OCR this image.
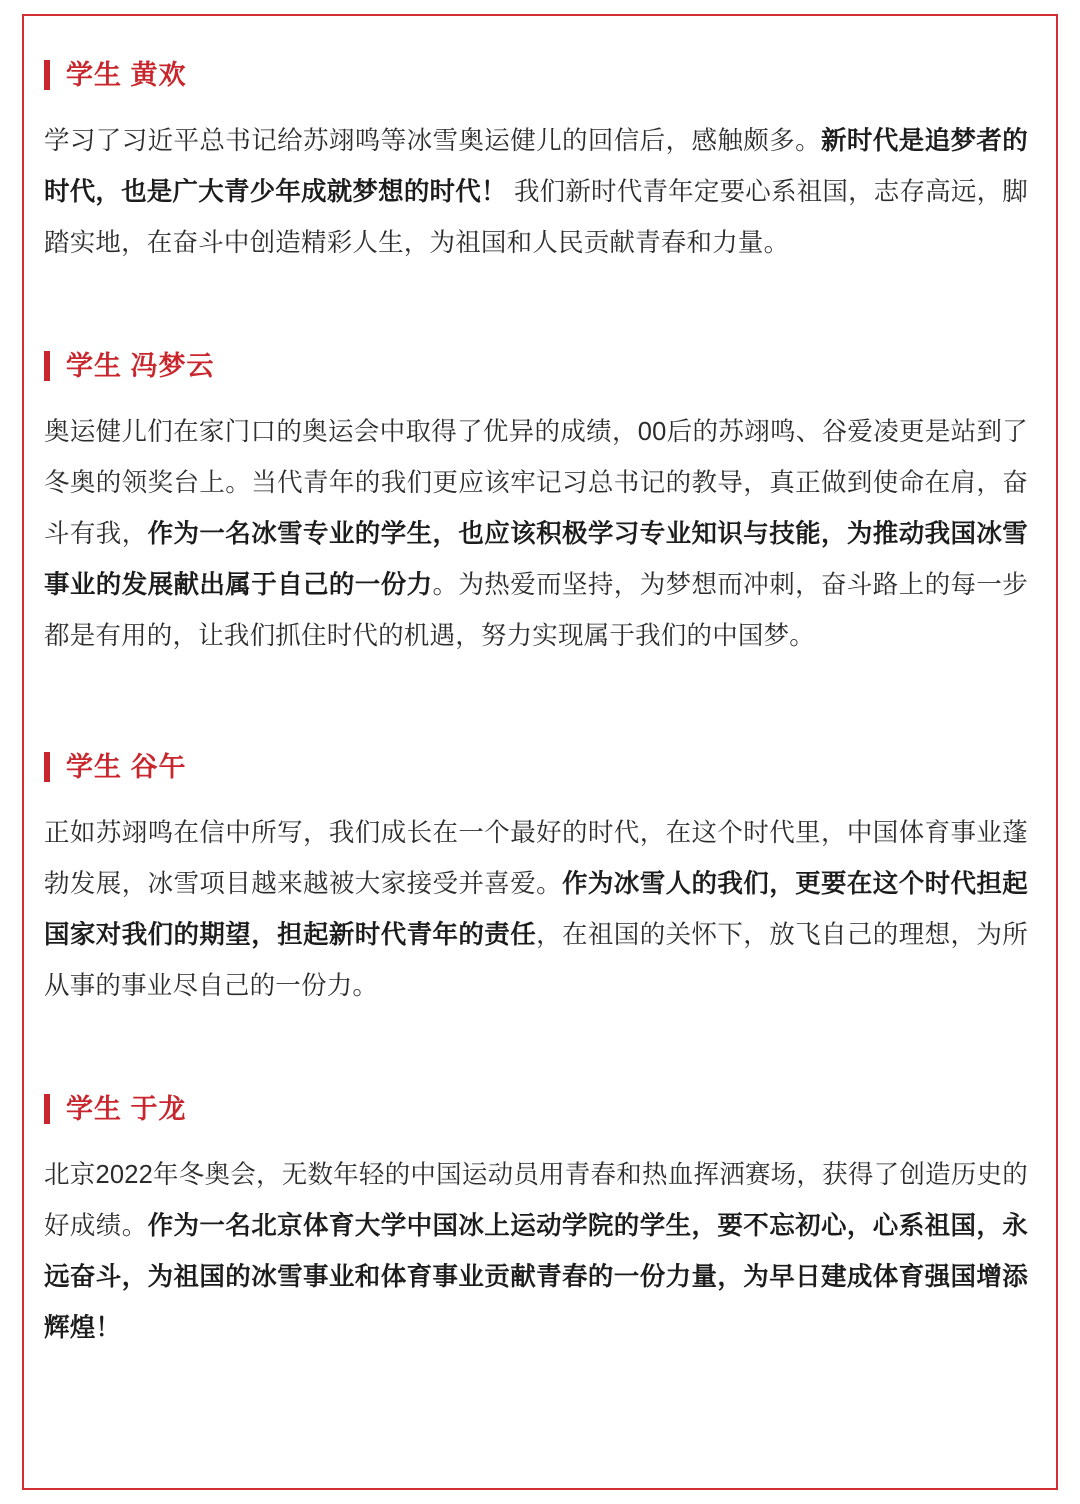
学生 黄欢
学习了习近平总书记给苏翊鸣等冰雪奥运健儿的回信后，感触颇多。新时代是追梦者的时代，也是广大青少年成就梦想的时代！ 我们新时代青年定要心系祖国，志存高远，脚踏实地，在奋斗中创造精彩人生，为祖国和人民贡献青春和力量。
学生 冯梦云
奥运健儿们在家门口的奥运会中取得了优异的成绩，00后的苏翊鸣、谷爱凌更是站到了冬奥的领奖台上。当代青年的我们更应该牢记习总书记的教导，真正做到使命在肩，奋斗有我，作为一名冰雪专业的学生，也应该积极学习专业知识与技能，为推动我国冰雪事业的发展献出属于自己的一份力。为热爱而坚持，为梦想而冲刺，奋斗路上的每一步都是有用的，让我们抓住时代的机遇，努力实现属于我们的中国梦。
学生 谷午
正如苏翊鸣在信中所写，我们成长在一个最好的时代，在这个时代里，中国体育事业蓬勃发展，冰雪项目越来越被大家接受并喜爱。作为冰雪人的我们，更要在这个时代担起国家对我们的期望，担起新时代青年的责任，在祖国的关怀下，放飞自己的理想，为所从事的事业尽自己的一份力。
学生 于龙
北京2022年冬奥会，无数年轻的中国运动员用青春和热血挥洒赛场，获得了创造历史的好成绩。作为一名北京体育大学中国冰上运动学院的学生，要不忘初心，心系祖国，永远奋斗，为祖国的冰雪事业和体育事业贡献青春的一份力量，为早日建成体育强国增添辉煌！
